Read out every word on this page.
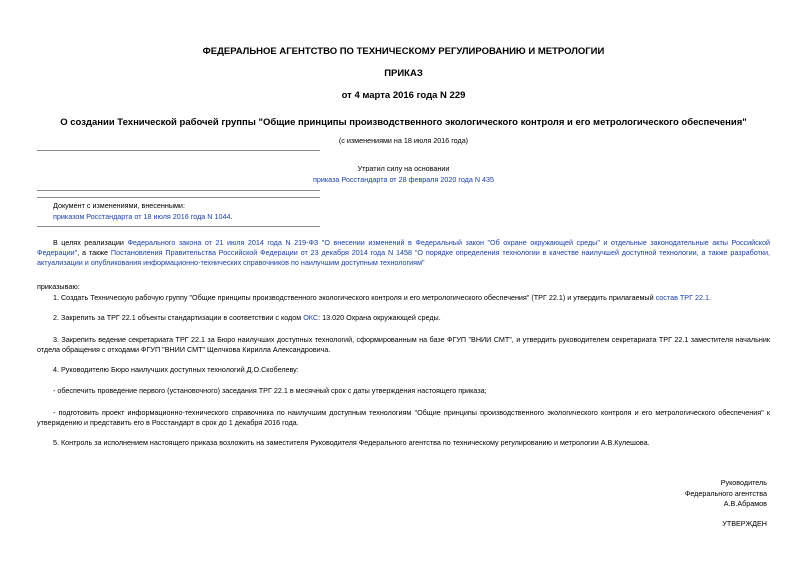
ФЕДЕРАЛЬНОЕ АГЕНТСТВО ПО ТЕХНИЧЕСКОМУ РЕГУЛИРОВАНИЮ И МЕТРОЛОГИИ
ПРИКАЗ
от 4 марта 2016 года N 229
О создании Технической рабочей группы "Общие принципы производственного экологического контроля и его метрологического обеспечения"
(с изменениями на 18 июля 2016 года)
Утратил силу на основании
приказа Росстандарта от 28 февраля 2020 года N 435
Документ с изменениями, внесенными:
приказом Росстандарта от 18 июля 2016 года N 1044.
В целях реализации Федерального закона от 21 июля 2014 года N 219-ФЗ "О внесении изменений в Федеральный закон "Об охране окружающей среды" и отдельные законодательные акты Российской Федерации", а также Постановления Правительства Российской Федерации от 23 декабря 2014 года N 1458 "О порядке определения технологии в качестве наилучшей доступной технологии, а также разработки, актуализации и опубликования информационно-технических справочников по наилучшим доступным технологиям"
приказываю:
1. Создать Техническую рабочую группу "Общие принципы производственного экологического контроля и его метрологического обеспечения" (ТРГ 22.1) и утвердить прилагаемый состав ТРГ 22.1.
2. Закрепить за ТРГ 22.1 объекты стандартизации в соответствии с кодом ОКС: 13.020 Охрана окружающей среды.
3. Закрепить ведение секретариата ТРГ 22.1 за Бюро наилучших доступных технологий, сформированным на базе ФГУП "ВНИИ СМТ", и утвердить руководителем секретариата ТРГ 22.1 заместителя начальник отдела обращения с отходами ФГУП "ВНИИ СМТ" Щелчкова Кирилла Александровича.
4. Руководителю Бюро наилучших доступных технологий Д.О.Скобелеву:
- обеспечить проведение первого (установочного) заседания ТРГ 22.1 в месячный срок с даты утверждения настоящего приказа;
- подготовить проект информационно-технического справочника по наилучшим доступным технологиям "Общие принципы производственного экологического контроля и его метрологического обеспечения" к утверждению и представить его в Росстандарт в срок до 1 декабря 2016 года.
5. Контроль за исполнением настоящего приказа возложить на заместителя Руководителя Федерального агентства по техническому регулированию и метрологии А.В.Кулешова.
Руководитель
Федерального агентства
А.В.Абрамов
УТВЕРЖДЕН
